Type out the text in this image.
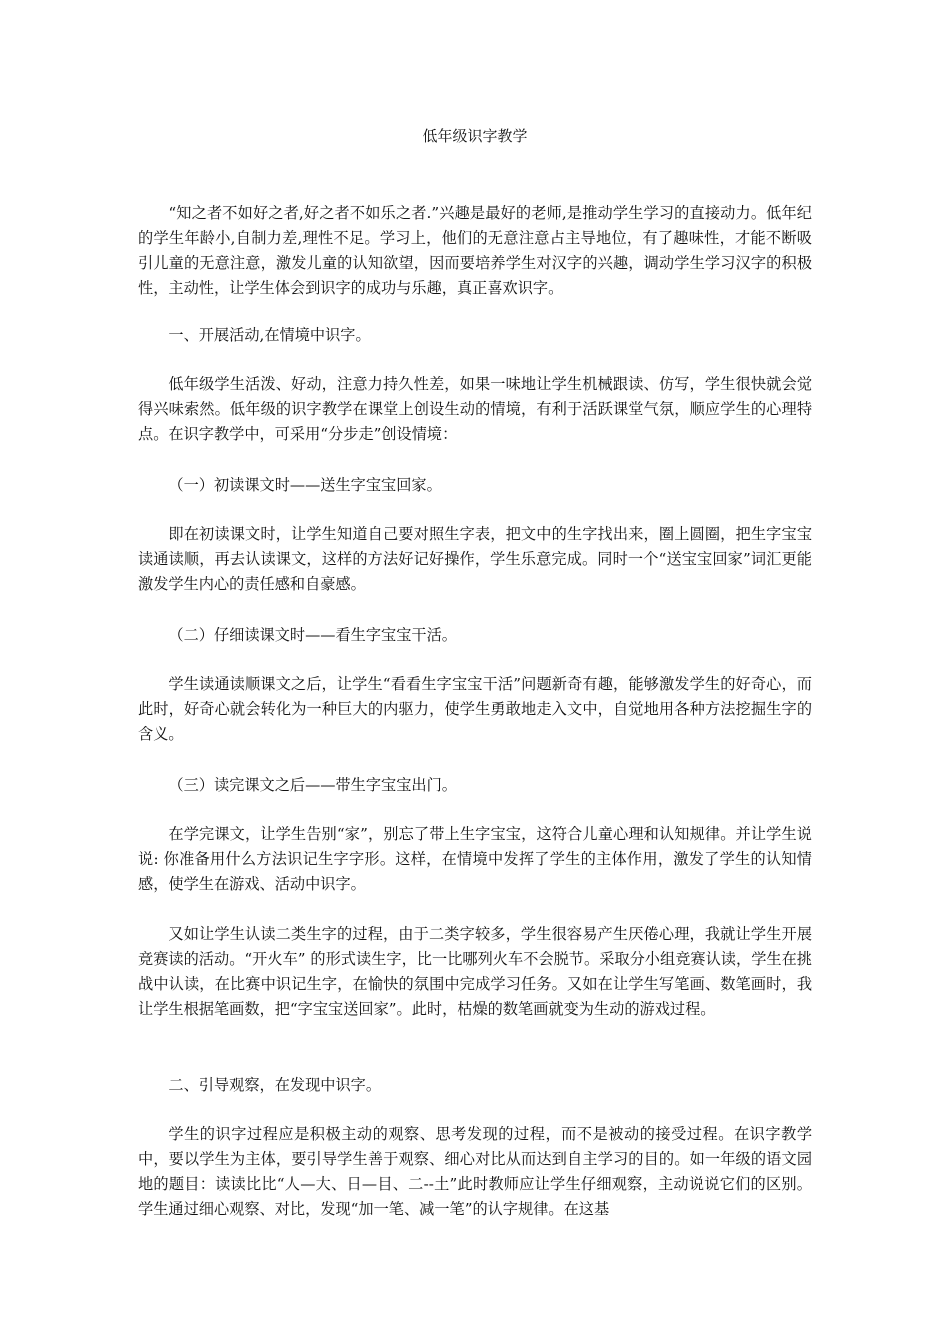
低年级识字教学

“知之者不如好之者,好之者不如乐之者.”兴趣是最好的老师,是推动学生学习的直接动力。低年纪的学生年龄小,自制力差,理性不足。学习上，他们的无意注意占主导地位，有了趣味性，才能不断吸引儿童的无意注意，激发儿童的认知欲望，因而要培养学生对汉字的兴趣，调动学生学习汉字的积极性，主动性，让学生体会到识字的成功与乐趣，真正喜欢识字。

一、开展活动,在情境中识字。

低年级学生活泼、好动，注意力持久性差，如果一味地让学生机械跟读、仿写，学生很快就会觉得兴味索然。低年级的识字教学在课堂上创设生动的情境，有利于活跃课堂气氛，顺应学生的心理特点。在识字教学中，可采用“分步走”创设情境：

（一）初读课文时——送生字宝宝回家。

即在初读课文时，让学生知道自己要对照生字表，把文中的生字找出来，圈上圆圈，把生字宝宝读通读顺，再去认读课文，这样的方法好记好操作，学生乐意完成。同时一个“送宝宝回家”词汇更能激发学生内心的责任感和自豪感。

（二）仔细读课文时——看生字宝宝干活。

学生读通读顺课文之后，让学生“看看生字宝宝干活”问题新奇有趣，能够激发学生的好奇心，而此时，好奇心就会转化为一种巨大的内驱力，使学生勇敢地走入文中，自觉地用各种方法挖掘生字的含义。

（三）读完课文之后——带生字宝宝出门。

在学完课文，让学生告别“家”，别忘了带上生字宝宝，这符合儿童心理和认知规律。并让学生说说: 你准备用什么方法识记生字字形。这样，在情境中发挥了学生的主体作用，激发了学生的认知情感，使学生在游戏、活动中识字。

又如让学生认读二类生字的过程，由于二类字较多，学生很容易产生厌倦心理，我就让学生开展竞赛读的活动。“开火车” 的形式读生字，比一比哪列火车不会脱节。采取分小组竞赛认读，学生在挑战中认读，在比赛中识记生字，在愉快的氛围中完成学习任务。又如在让学生写笔画、数笔画时，我让学生根据笔画数，把“字宝宝送回家”。此时，枯燥的数笔画就变为生动的游戏过程。

二、引导观察，在发现中识字。

学生的识字过程应是积极主动的观察、思考发现的过程，而不是被动的接受过程。在识字教学中，要以学生为主体，要引导学生善于观察、细心对比从而达到自主学习的目的。如一年级的语文园地的题目：读读比比“人—大、日—目、二--土”此时教师应让学生仔细观察，主动说说它们的区别。学生通过细心观察、对比，发现“加一笔、减一笔”的认字规律。在这基
